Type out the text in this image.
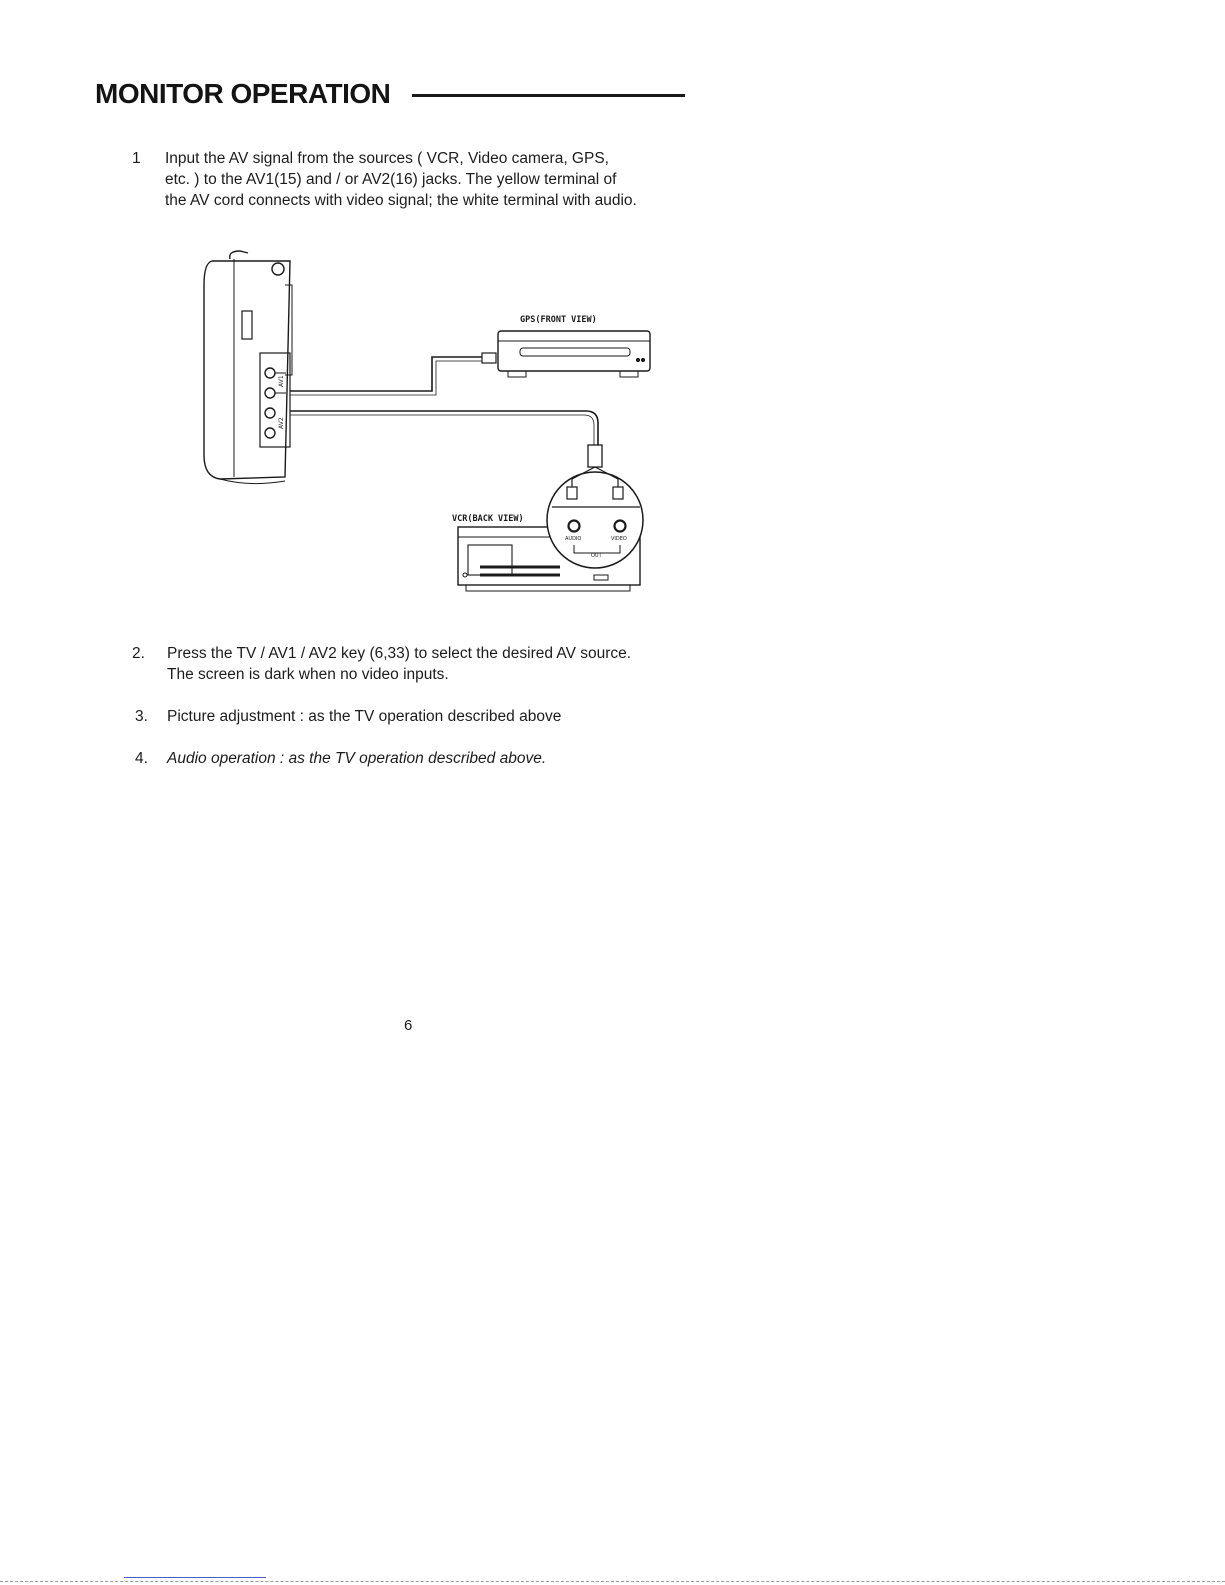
MONITOR OPERATION
1 Input the AV signal from the sources ( VCR, Video camera, GPS,
etc. ) to the AV1(15) and / or AV2(16) jacks. The yellow terminal of
the AV cord connects with video signal; the white terminal with audio.
AV1
AV2
GPS(FRONT VIEW)
VCR(BACK VIEW)
AUDIO	VIDEO
OUT
2. Press the TV / AV1 / AV2 key (6,33) to select the desired AV source.
The screen is dark when no video inputs.
3. Picture adjustment : as the TV operation described above
4. Audio operation : as the TV operation described above.
6
